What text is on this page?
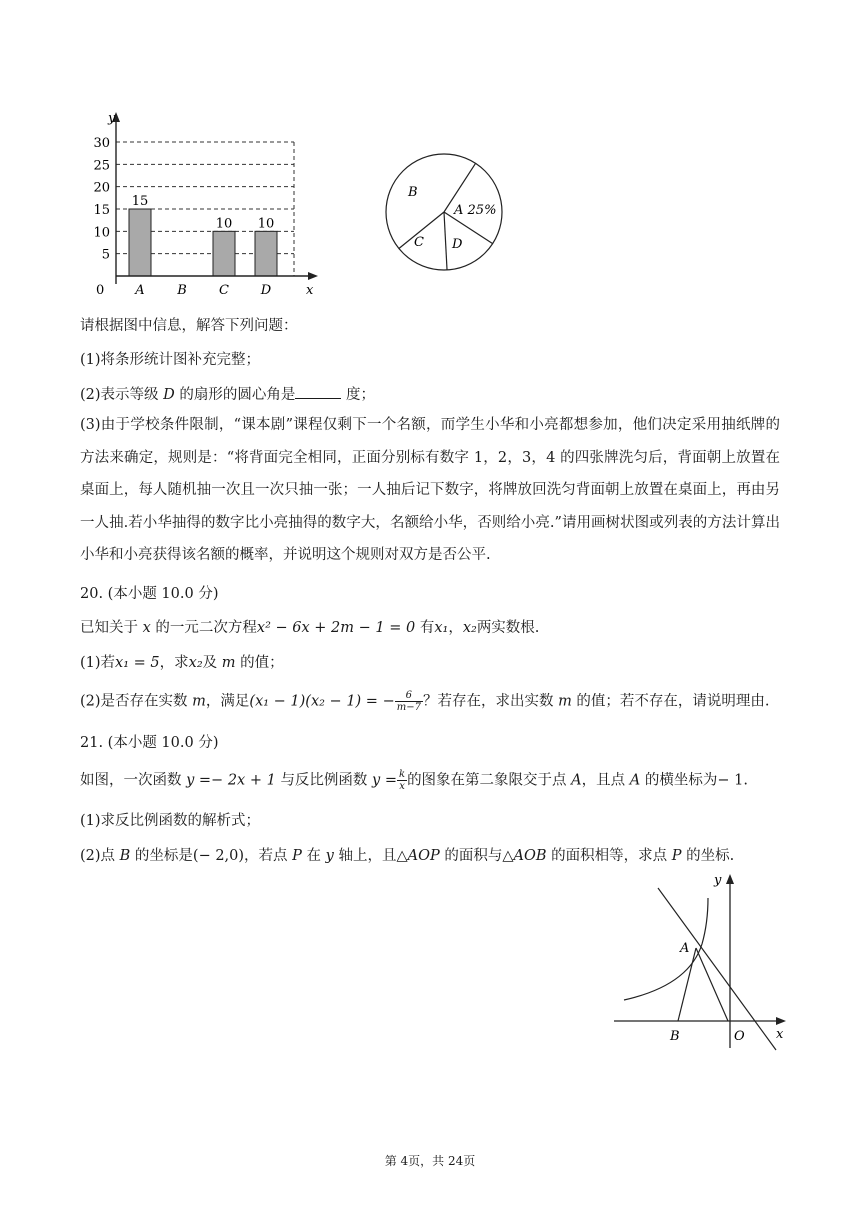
30
25
20
15
10
5
A	B C D
15
10 10
y
x
0
B
A 25%
C D
请根据图中信息，解答下列问题：
(1)将条形统计图补充完整；
(2)表示等级 D 的扇形的圆心角是	度；
(3)由于学校条件限制，“课本剧”课程仅剩下一个名额，而学生小华和小亮都想参加，他们决定采用抽纸牌的方法来确定，规则是：“将背面完全相同，正面分别标有数字 1，2，3，4 的四张牌洗匀后，背面朝上放置在桌面上，每人随机抽一次且一次只抽一张；一人抽后记下数字，将牌放回洗匀背面朝上放置在桌面上，再由另一人抽.若小华抽得的数字比小亮抽得的数字大，名额给小华，否则给小亮.”请用画树状图或列表的方法计算出小华和小亮获得该名额的概率，并说明这个规则对双方是否公平.
20. (本小题 10.0 分)
已知关于 x 的一元二次方程x² − 6x + 2m − 1 = 0 有x₁，x₂两实数根.
(1)若x₁ = 5，求x₂及 m 的值；
(2)是否存在实数 m，满足(x₁ − 1)(x₂ − 1) = − $\frac{6}{m-7}$ ？若存在，求出实数 m 的值；若不存在，请说明理由.
21. (本小题 10.0 分)
如图，一次函数 y =− 2x + 1 与反比例函数 $y = \frac{k}{x}$ 的图象在第二象限交于点 A，且点 A 的横坐标为− 1.
(1)求反比例函数的解析式；
(2)点 B 的坐标是(− 2,0)，若点 P 在 y 轴上，且△AOP 的面积与△AOB 的面积相等，求点 P 的坐标.
A
B	O x
y
第 4页，共 24页
